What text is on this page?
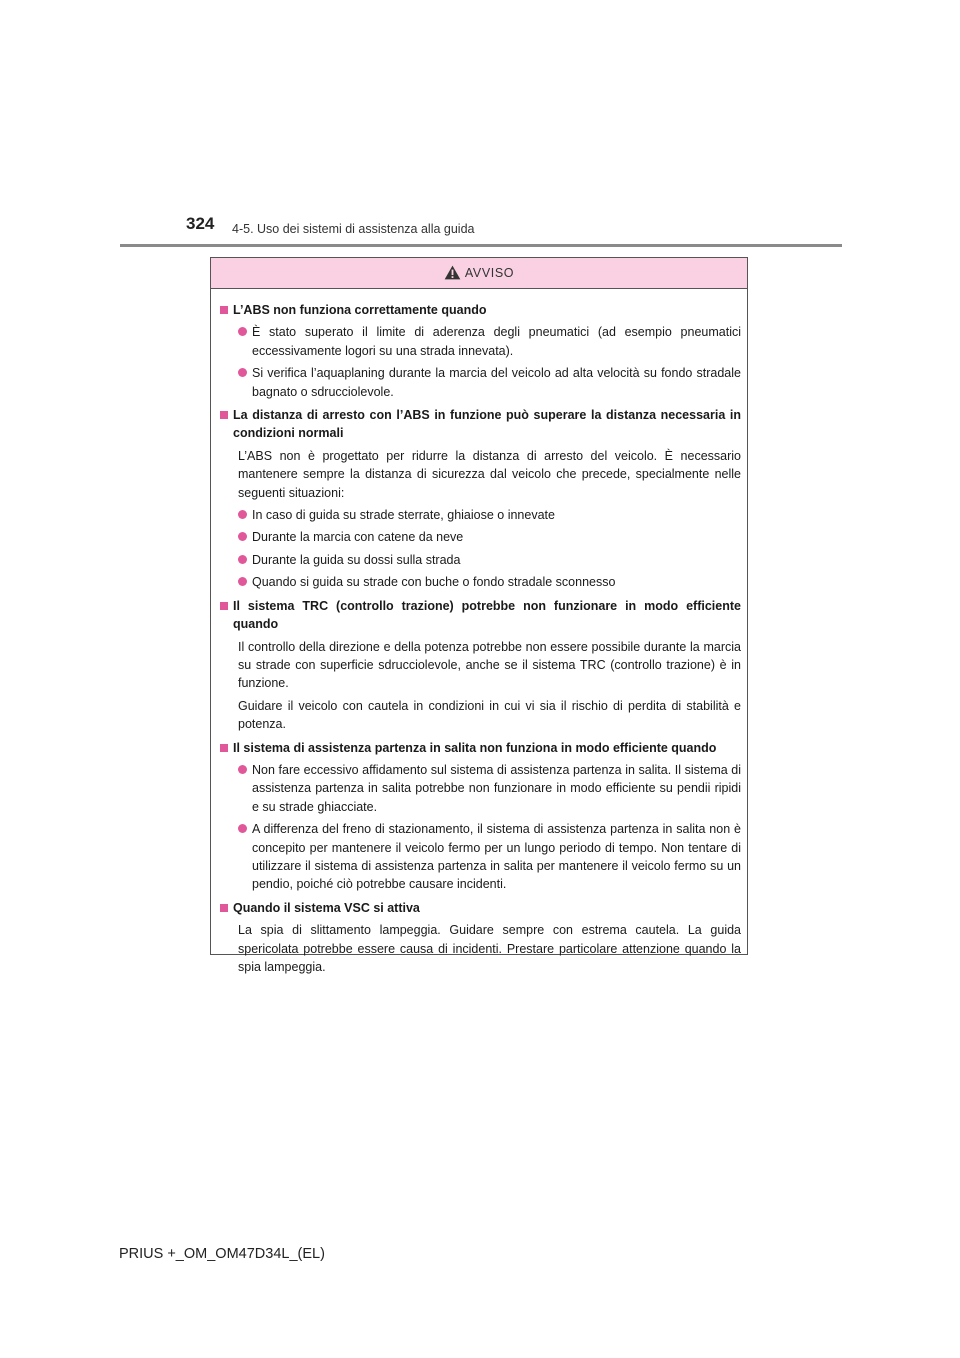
324 4-5. Uso dei sistemi di assistenza alla guida
AVVISO
L’ABS non funziona correttamente quando
È stato superato il limite di aderenza degli pneumatici (ad esempio pneumatici eccessivamente logori su una strada innevata).
Si verifica l’aquaplaning durante la marcia del veicolo ad alta velocità su fondo stradale bagnato o sdrucciolevole.
La distanza di arresto con l’ABS in funzione può superare la distanza necessaria in condizioni normali
L’ABS non è progettato per ridurre la distanza di arresto del veicolo. È necessario mantenere sempre la distanza di sicurezza dal veicolo che precede, specialmente nelle seguenti situazioni:
In caso di guida su strade sterrate, ghiaiose o innevate
Durante la marcia con catene da neve
Durante la guida su dossi sulla strada
Quando si guida su strade con buche o fondo stradale sconnesso
Il sistema TRC (controllo trazione) potrebbe non funzionare in modo efficiente quando
Il controllo della direzione e della potenza potrebbe non essere possibile durante la marcia su strade con superficie sdrucciolevole, anche se il sistema TRC (controllo trazione) è in funzione.
Guidare il veicolo con cautela in condizioni in cui vi sia il rischio di perdita di stabilità e potenza.
Il sistema di assistenza partenza in salita non funziona in modo efficiente quando
Non fare eccessivo affidamento sul sistema di assistenza partenza in salita. Il sistema di assistenza partenza in salita potrebbe non funzionare in modo efficiente su pendii ripidi e su strade ghiacciate.
A differenza del freno di stazionamento, il sistema di assistenza partenza in salita non è concepito per mantenere il veicolo fermo per un lungo periodo di tempo. Non tentare di utilizzare il sistema di assistenza partenza in salita per mantenere il veicolo fermo su un pendio, poiché ciò potrebbe causare incidenti.
Quando il sistema VSC si attiva
La spia di slittamento lampeggia. Guidare sempre con estrema cautela. La guida spericolata potrebbe essere causa di incidenti. Prestare particolare attenzione quando la spia lampeggia.
PRIUS +_OM_OM47D34L_(EL)
